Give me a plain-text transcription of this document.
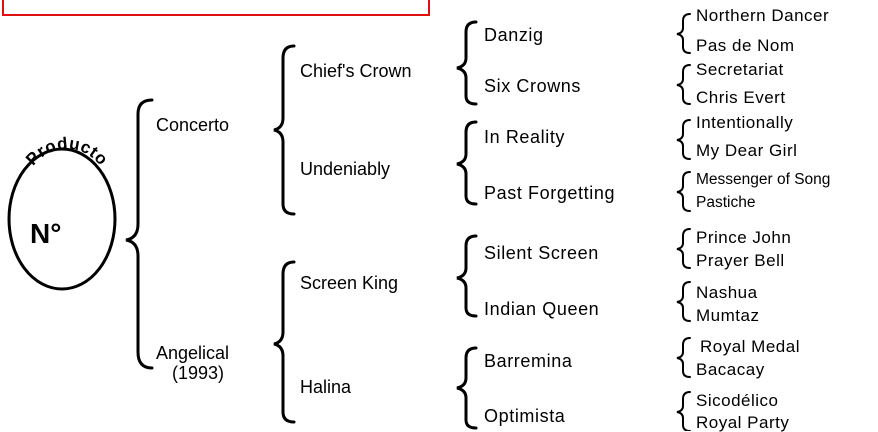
Producto
N°
Concerto
Angelical
(1993)
Chief's Crown
Undeniably
Screen King
Halina
Danzig
Six Crowns
In Reality
Past Forgetting
Silent Screen
Indian Queen
Barremina
Optimista
Northern Dancer
Pas de Nom
Secretariat
Chris Evert
Intentionally
My Dear Girl
Messenger of Song
Pastiche
Prince John
Prayer Bell
Nashua
Mumtaz
Royal Medal
Bacacay
Sicodélico
Royal Party
